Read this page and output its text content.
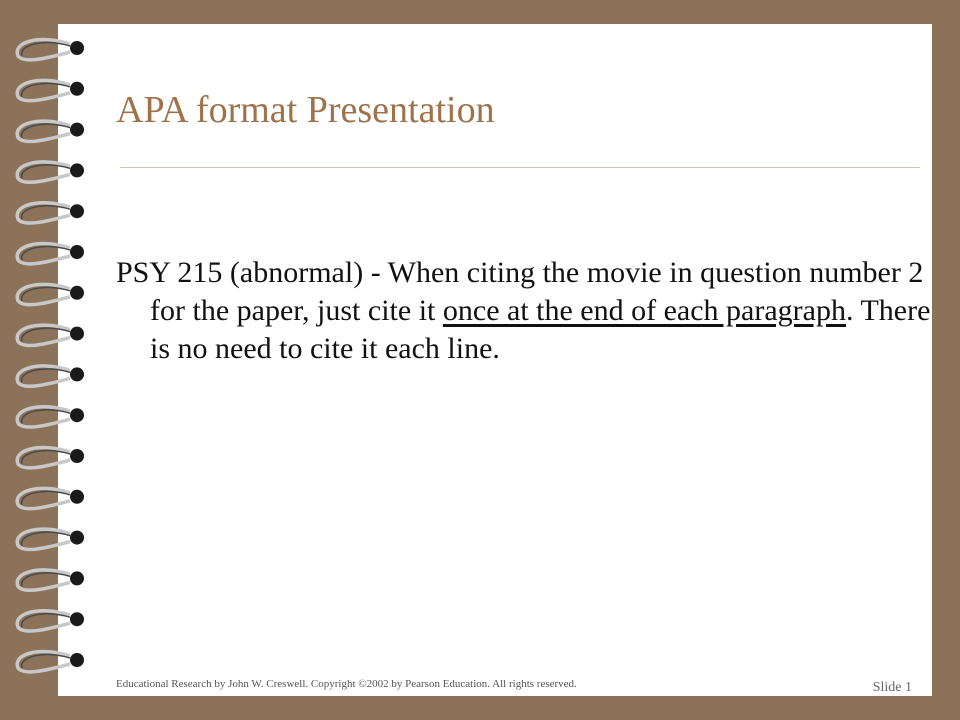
APA format Presentation
PSY 215 (abnormal) - When citing the movie in question number 2 for the paper, just cite it once at the end of each paragraph. There is no need to cite it each line.
Educational Research by John W. Creswell. Copyright ©2002 by Pearson Education. All rights reserved.	Slide 1
